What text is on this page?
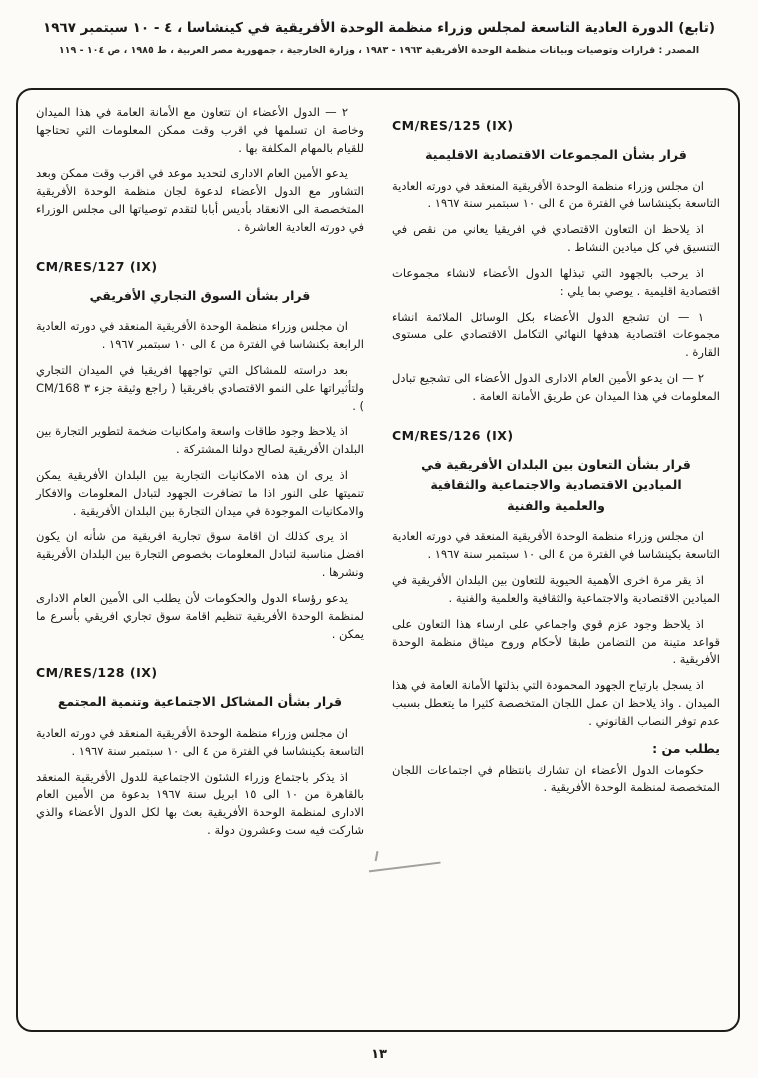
(تابع) الدورة العادية التاسعة لمجلس وزراء منظمة الوحدة الأفريقية في كينشاسا ، ٤ - ١٠ سبتمبر ١٩٦٧
المصدر : قرارات وتوصيات وبيانات منظمة الوحدة الأفريقية ١٩٦٣ - ١٩٨٣ ، وزارة الخارجية ، جمهورية مصر العربية ، ط ١٩٨٥ ، ص ١٠٤ - ١١٩
CM/RES/125 (IX)
قرار بشأن المجموعات الاقتصادية الاقليمية

ان مجلس وزراء منظمة الوحدة الأفريقية المنعقد في دورته العادية التاسعة بكينشاسا في الفترة من ٤ الى ١٠ سبتمبر سنة ١٩٦٧ .

اذ يلاحظ ان التعاون الاقتصادي في افريقيا يعاني من نقص في التنسيق في كل ميادين النشاط .

اذ يرحب بالجهود التي تبذلها الدول الأعضاء لانشاء مجموعات اقتصادية اقليمية . يوصي بما يلي :

١ — ان تشجع الدول الأعضاء بكل الوسائل الملائمة انشاء مجموعات اقتصادية هدفها النهائي التكامل الاقتصادي على مستوى القارة .

٢ — ان يدعو الأمين العام الادارى الدول الأعضاء الى تشجيع تبادل المعلومات في هذا الميدان عن طريق الأمانة العامة .

CM/RES/126 (IX)
قرار بشأن التعاون بين البلدان الأفريقية في الميادين الاقتصادية والاجتماعية والثقافية والعلمية والفنية

ان مجلس وزراء منظمة الوحدة الأفريقية المنعقد في دورته العادية التاسعة بكينشاسا في الفترة من ٤ الى ١٠ سبتمبر سنة ١٩٦٧ .

اذ يقر مرة اخرى الأهمية الحيوية للتعاون بين البلدان الأفريقية في الميادين الاقتصادية والاجتماعية والثقافية والعلمية والفنية .

اذ يلاحظ وجود عزم قوي واجماعي على ارساء هذا التعاون على قواعد متينة من التضامن طبقا لأحكام وروح ميثاق منظمة الوحدة الأفريقية .

اذ يسجل بارتياح الجهود المحمودة التي بذلتها الأمانة العامة في هذا الميدان . واذ يلاحظ ان عمل اللجان المتخصصة كثيرا ما يتعطل بسبب عدم توفر النصاب القانوني .

يطلب من :

حكومات الدول الأعضاء ان تشارك بانتظام في اجتماعات اللجان المتخصصة لمنظمة الوحدة الأفريقية .

٢ — الدول الأعضاء ان تتعاون مع الأمانة العامة في هذا الميدان وخاصة ان تسلمها في اقرب وقت ممكن المعلومات التي تحتاجها للقيام بالمهام المكلفة بها .

يدعو الأمين العام الادارى لتحديد موعد في اقرب وقت ممكن وبعد التشاور مع الدول الأعضاء لدعوة لجان منظمة الوحدة الأفريقية المتخصصة الى الانعقاد بأديس أبابا لتقدم توصياتها الى مجلس الوزراء في دورته العادية العاشرة .

CM/RES/127 (IX)
قرار بشأن السوق التجاري الأفريقي

ان مجلس وزراء منظمة الوحدة الأفريقية المنعقد في دورته العادية الرابعة بكنشاسا في الفترة من ٤ الى ١٠ سبتمبر ١٩٦٧ .

بعد دراسته للمشاكل التي تواجهها افريقيا في الميدان التجاري ولتأثيراتها على النمو الاقتصادي بافريقيا ( راجع وثيقة جزء ٣ CM/168 ) .

اذ يلاحظ وجود طاقات واسعة وامكانيات ضخمة لتطوير التجارة بين البلدان الأفريقية لصالح دولنا المشتركة .

اذ يرى ان هذه الامكانيات التجارية بين البلدان الأفريقية يمكن تنميتها على النور اذا ما تضافرت الجهود لتبادل المعلومات والافكار والامكانيات الموجودة في ميدان التجارة بين البلدان الأفريقية .

اذ يرى كذلك ان اقامة سوق تجارية افريقية من شأنه ان يكون افضل مناسبة لتبادل المعلومات بخصوص التجارة بين البلدان الأفريقية ونشرها .

يدعو رؤساء الدول والحكومات لأن يطلب الى الأمين العام الادارى لمنظمة الوحدة الأفريقية تنظيم اقامة سوق تجاري افريقي بأسرع ما يمكن .

CM/RES/128 (IX)
قرار بشأن المشاكل الاجتماعية وتنمية المجتمع

ان مجلس وزراء منظمة الوحدة الأفريقية المنعقد في دورته العادية التاسعة بكينشاسا في الفترة من ٤ الى ١٠ سبتمبر سنة ١٩٦٧ .

اذ يذكر باجتماع وزراء الشئون الاجتماعية للدول الأفريقية المنعقد بالقاهرة من ١٠ الى ١٥ ابريل سنة ١٩٦٧ بدعوة من الأمين العام الادارى لمنظمة الوحدة الأفريقية بعث بها لكل الدول الأعضاء والذي شاركت فيه ست وعشرون دولة .

١٣
